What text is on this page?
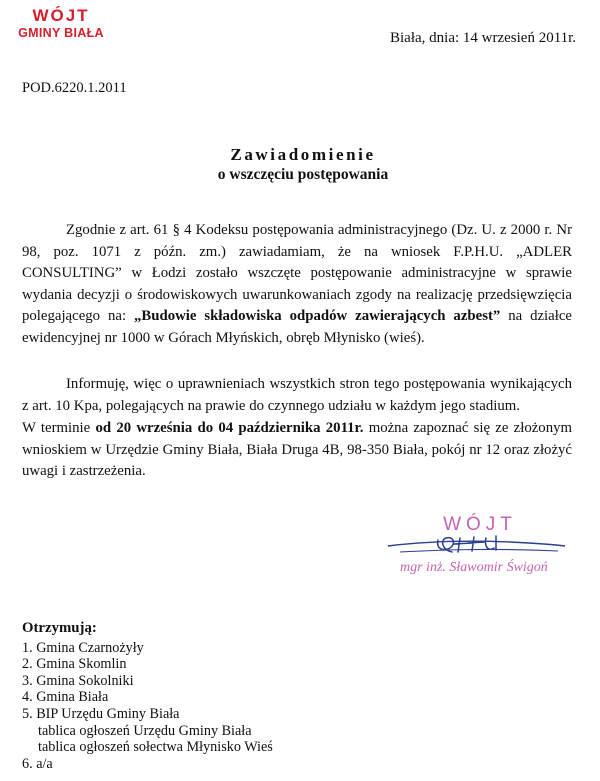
WÓJT
GMINY BIAŁA	Biała, dnia: 14 wrzesień 2011r.
POD.6220.1.2011
Zawiadomienie
o wszczęciu postępowania
Zgodnie z art. 61 § 4 Kodeksu postępowania administracyjnego (Dz. U. z 2000 r. Nr 98, poz. 1071 z późn. zm.) zawiadamiam, że na wniosek F.P.H.U. „ADLER CONSULTING” w Łodzi zostało wszczęte postępowanie administracyjne w sprawie wydania decyzji o środowiskowych uwarunkowaniach zgody na realizację przedsięwzięcia polegającego na: „Budowie składowiska odpadów zawierających azbest” na działce ewidencyjnej nr 1000 w Górach Młyńskich, obręb Młynisko (wieś).
Informuję, więc o uprawnieniach wszystkich stron tego postępowania wynikających z art. 10 Kpa, polegających na prawie do czynnego udziału w każdym jego stadium.
W terminie od 20 września do 04 października 2011r. można zapoznać się ze złożonym wnioskiem w Urzędzie Gminy Biała, Biała Druga 4B, 98-350 Biała, pokój nr 12 oraz złożyć uwagi i zastrzeżenia.
WÓJT
mgr inż. Sławomir Świgoń
Otrzymują:
1. Gmina Czarnożyły
2. Gmina Skomlin
3. Gmina Sokolniki
4. Gmina Biała
5. BIP Urzędu Gminy Biała
tablica ogłoszeń Urzędu Gminy Biała
tablica ogłoszeń sołectwa Młynisko Wieś
6. a/a
